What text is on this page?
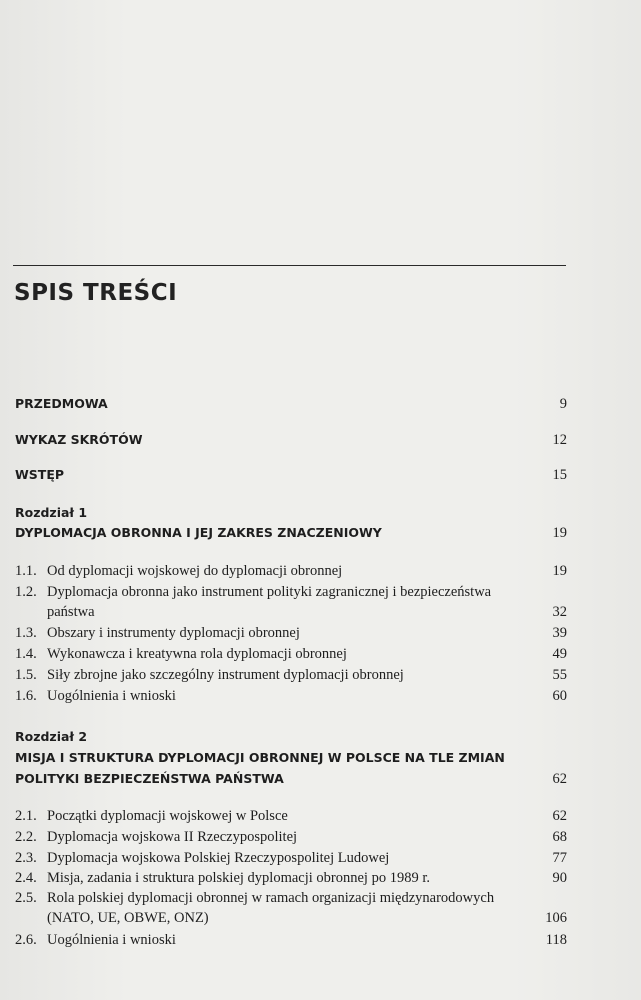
SPIS TREŚCI
PRZEDMOWA	9
WYKAZ SKRÓTÓW	12
WSTĘP	15
Rozdział 1
DYPLOMACJA OBRONNA I JEJ ZAKRES ZNACZENIOWY	19
1.1. Od dyplomacji wojskowej do dyplomacji obronnej	19
1.2. Dyplomacja obronna jako instrument polityki zagranicznej i bezpieczeństwa państwa	32
1.3. Obszary i instrumenty dyplomacji obronnej	39
1.4. Wykonawcza i kreatywna rola dyplomacji obronnej	49
1.5. Siły zbrojne jako szczególny instrument dyplomacji obronnej	55
1.6. Uogólnienia i wnioski	60
Rozdział 2
MISJA I STRUKTURA DYPLOMACJI OBRONNEJ W POLSCE NA TLE ZMIAN POLITYKI BEZPIECZEŃSTWA PAŃSTWA	62
2.1. Początki dyplomacji wojskowej w Polsce	62
2.2. Dyplomacja wojskowa II Rzeczypospolitej	68
2.3. Dyplomacja wojskowa Polskiej Rzeczypospolitej Ludowej	77
2.4. Misja, zadania i struktura polskiej dyplomacji obronnej po 1989 r.	90
2.5. Rola polskiej dyplomacji obronnej w ramach organizacji międzynarodowych (NATO, UE, OBWE, ONZ)	106
2.6. Uogólnienia i wnioski	118
